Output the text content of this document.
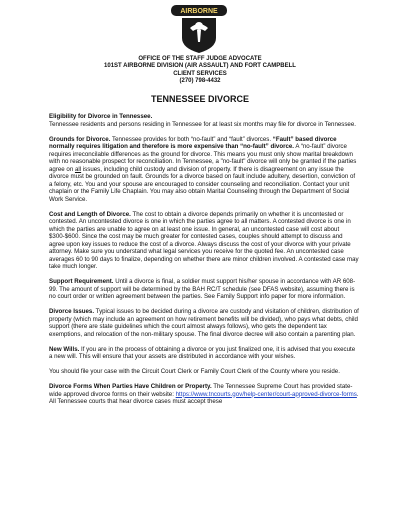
AIRBORNE
OFFICE OF THE STAFF JUDGE ADVOCATE
101ST AIRBORNE DIVISION (AIR ASSAULT) AND FORT CAMPBELL
CLIENT SERVICES
(270) 798-4432
TENNESSEE DIVORCE

Eligibility for Divorce in Tennessee.
Tennessee residents and persons residing in Tennessee for at least six months may file for divorce in Tennessee.

Grounds for Divorce. Tennessee provides for both “no-fault” and “fault” divorces. “Fault” based divorce normally requires litigation and therefore is more expensive than “no-fault” divorce. A “no-fault” divorce requires irreconcilable differences as the ground for divorce. This means you must only show marital breakdown with no reasonable prospect for reconciliation. In Tennessee, a "no-fault" divorce will only be granted if the parties agree on all issues, including child custody and division of property. If there is disagreement on any issue the divorce must be grounded on fault. Grounds for a divorce based on fault include adultery, desertion, conviction of a felony, etc. You and your spouse are encouraged to consider counseling and reconciliation. Contact your unit chaplain or the Family Life Chaplain. You may also obtain Marital Counseling through the Department of Social Work Service.

Cost and Length of Divorce. The cost to obtain a divorce depends primarily on whether it is uncontested or contested. An uncontested divorce is one in which the parties agree to all matters. A contested divorce is one in which the parties are unable to agree on at least one issue. In general, an uncontested case will cost about $300-$600. Since the cost may be much greater for contested cases, couples should attempt to discuss and agree upon key issues to reduce the cost of a divorce. Always discuss the cost of your divorce with your private attorney. Make sure you understand what legal services you receive for the quoted fee. An uncontested case averages 60 to 90 days to finalize, depending on whether there are minor children involved. A contested case may take much longer.

Support Requirement. Until a divorce is final, a soldier must support his/her spouse in accordance with AR 608-99. The amount of support will be determined by the BAH RC/T schedule (see DFAS website), assuming there is no court order or written agreement between the parties. See Family Support info paper for more information.

Divorce Issues. Typical issues to be decided during a divorce are custody and visitation of children, distribution of property (which may include an agreement on how retirement benefits will be divided), who pays what debts, child support (there are state guidelines which the court almost always follows), who gets the dependent tax exemptions, and relocation of the non-military spouse. The final divorce decree will also contain a parenting plan.

New Wills. If you are in the process of obtaining a divorce or you just finalized one, it is advised that you execute a new will. This will ensure that your assets are distributed in accordance with your wishes.

You should file your case with the Circuit Court Clerk or Family Court Clerk of the County where you reside.

Divorce Forms When Parties Have Children or Property. The Tennessee Supreme Court has provided state-wide approved divorce forms on their website: https://www.tncourts.gov/help-center/court-approved-divorce-forms. All Tennessee courts that hear divorce cases must accept these
